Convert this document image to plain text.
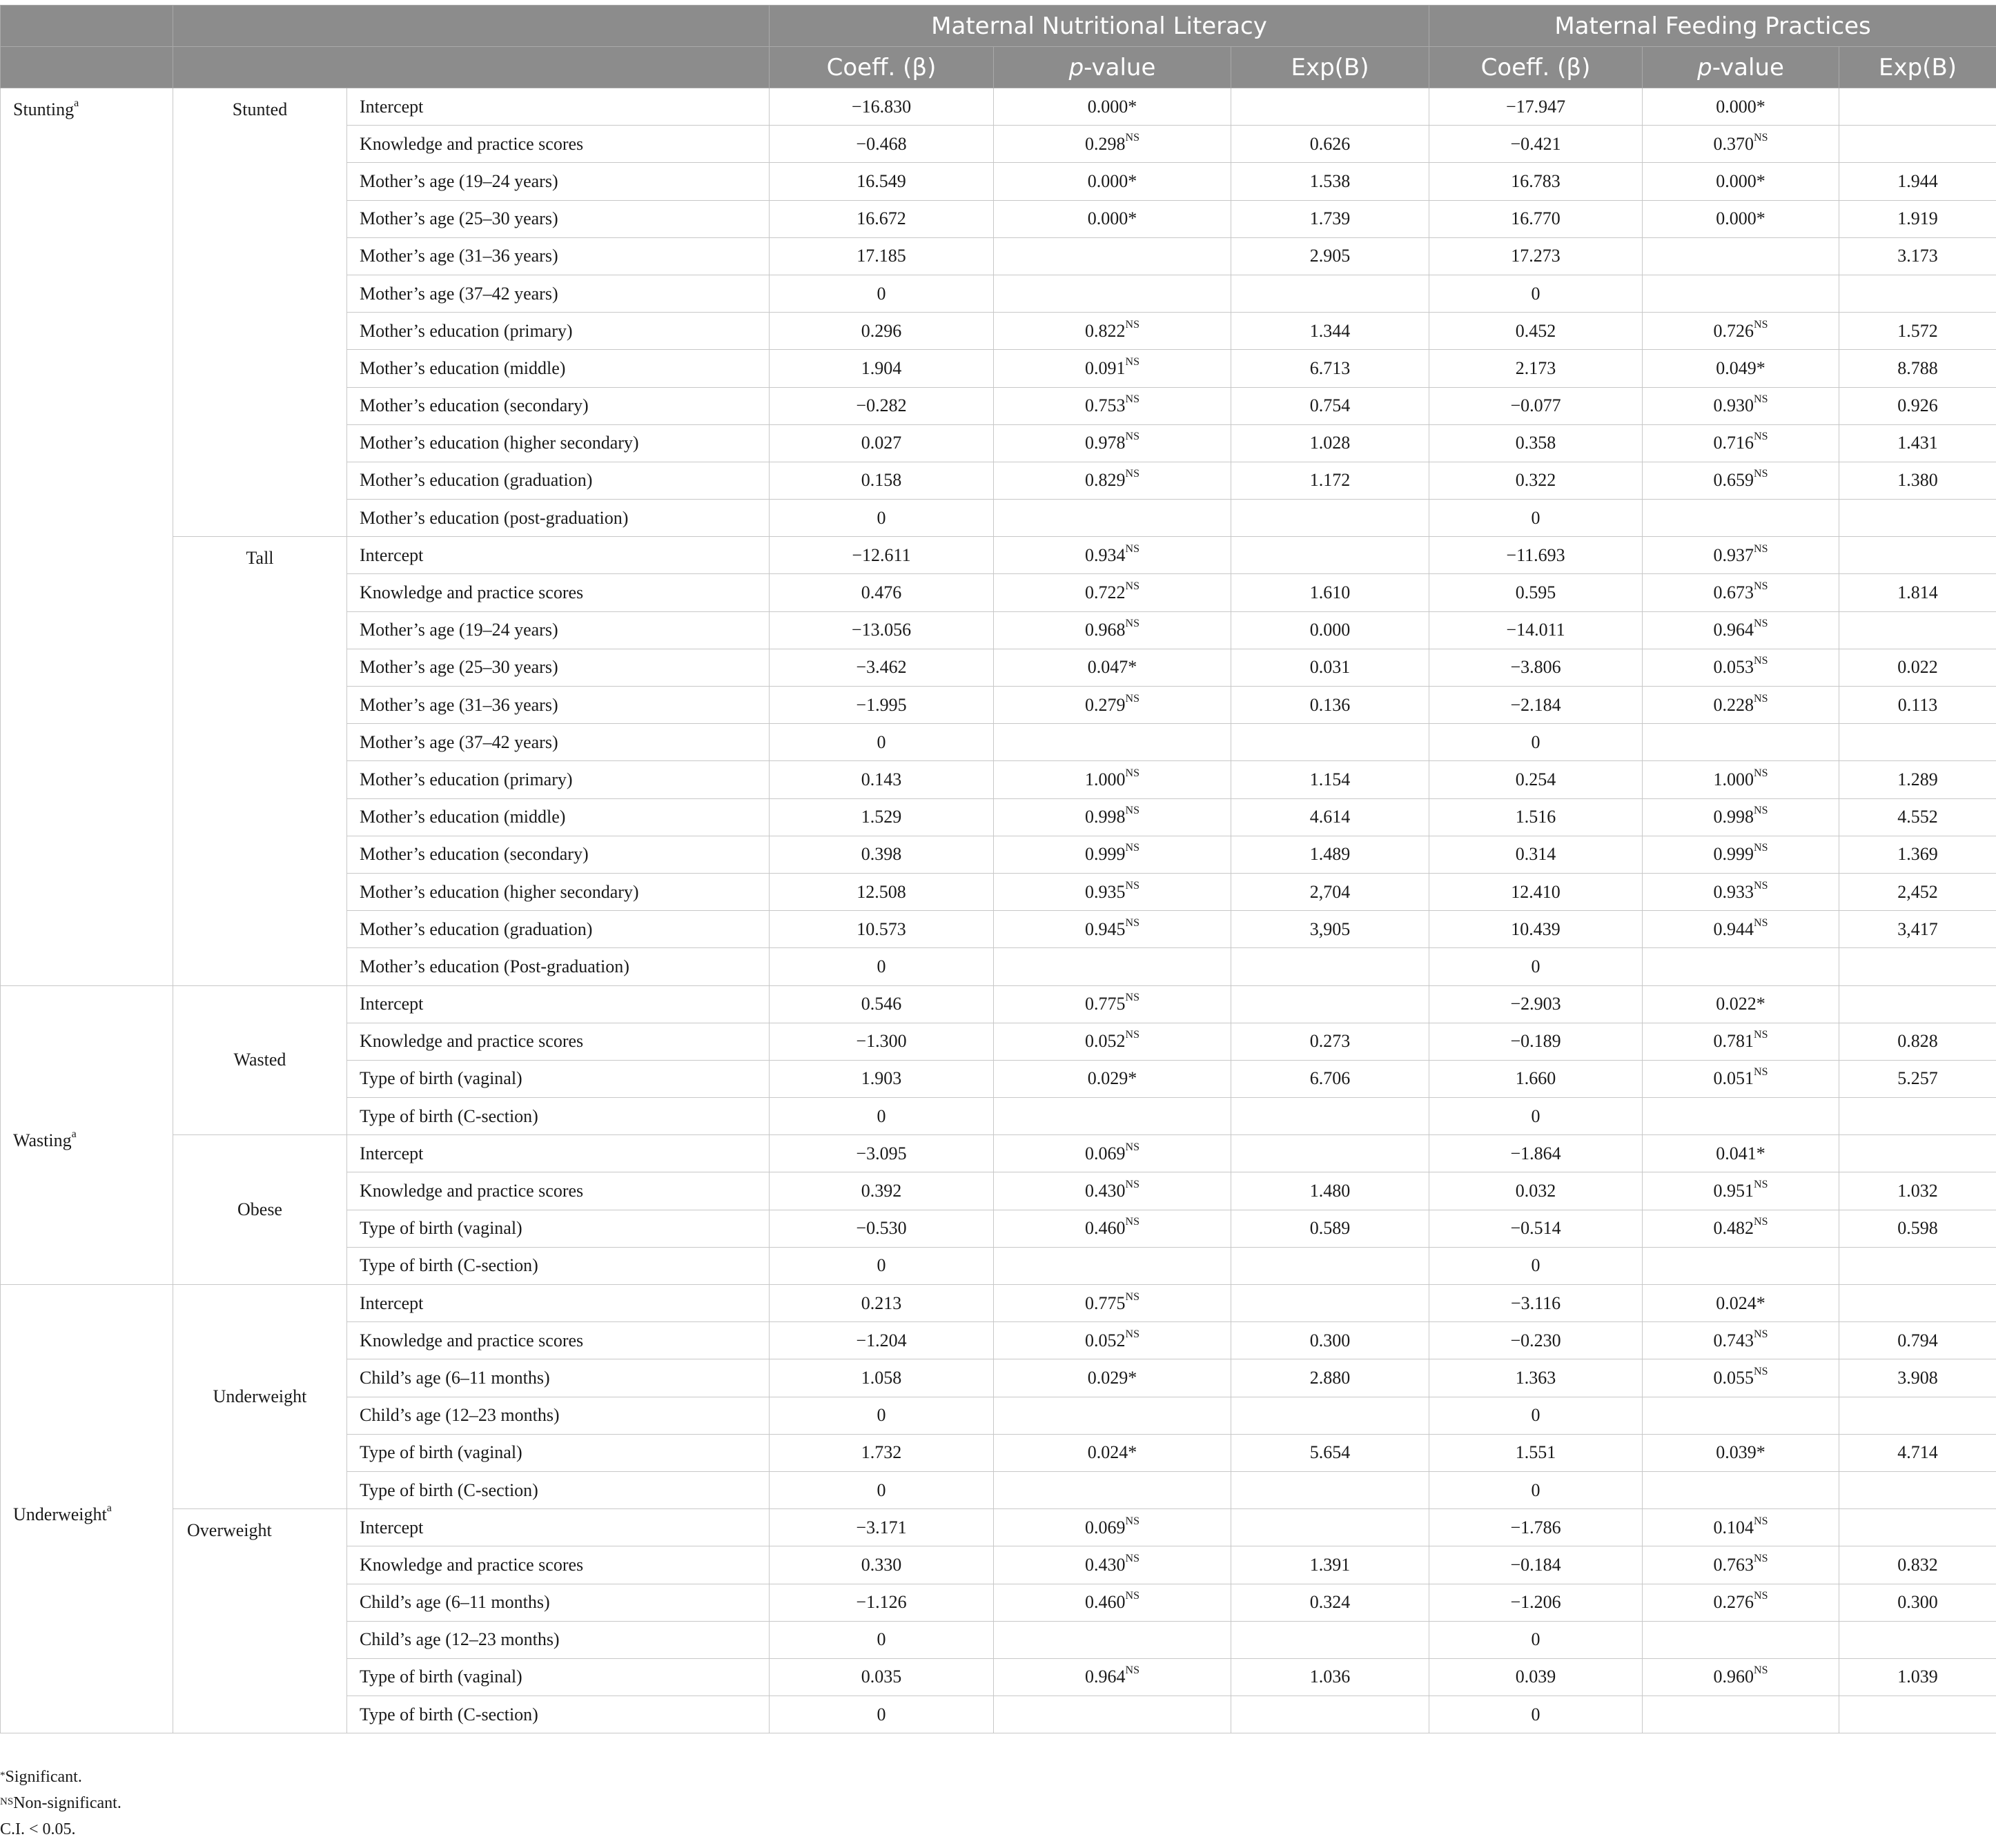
			Maternal Nutritional Literacy			Maternal Feeding Practices		
			Coeff. (β)	p-value	Exp(B)	Coeff. (β)	p-value	Exp(B)
Stunting$^a$	Stunted	Intercept	−16.830	0.000*		−17.947	0.000*	
		Knowledge and practice scores	−0.468	$0.298^{NS}$	0.626	−0.421	$0.370^{NS}$	
		Mother’s age (19–24 years)	16.549	0.000*	1.538	16.783	0.000*	1.944
		Mother’s age (25–30 years)	16.672	0.000*	1.739	16.770	0.000*	1.919
		Mother’s age (31–36 years)	17.185		2.905	17.273		3.173
		Mother’s age (37–42 years)	0			0		
		Mother’s education (primary)	0.296	$0.822^{NS}$	1.344	0.452	$0.726^{NS}$	1.572
		Mother’s education (middle)	1.904	$0.091^{NS}$	6.713	2.173	0.049*	8.788
		Mother’s education (secondary)	−0.282	$0.753^{NS}$	0.754	−0.077	$0.930^{NS}$	0.926
		Mother’s education (higher secondary)	0.027	$0.978^{NS}$	1.028	0.358	$0.716^{NS}$	1.431
		Mother’s education (graduation)	0.158	$0.829^{NS}$	1.172	0.322	$0.659^{NS}$	1.380
		Mother’s education (post-graduation)	0			0		
	Tall	Intercept	−12.611	$0.934^{NS}$		−11.693	$0.937^{NS}$	
		Knowledge and practice scores	0.476	$0.722^{NS}$	1.610	0.595	$0.673^{NS}$	1.814
		Mother’s age (19–24 years)	−13.056	$0.968^{NS}$	0.000	−14.011	$0.964^{NS}$	
		Mother’s age (25–30 years)	−3.462	0.047*	0.031	−3.806	$0.053^{NS}$	0.022
		Mother’s age (31–36 years)	−1.995	$0.279^{NS}$	0.136	−2.184	$0.228^{NS}$	0.113
		Mother’s age (37–42 years)	0			0		
		Mother’s education (primary)	0.143	$1.000^{NS}$	1.154	0.254	$1.000^{NS}$	1.289
		Mother’s education (middle)	1.529	$0.998^{NS}$	4.614	1.516	$0.998^{NS}$	4.552
		Mother’s education (secondary)	0.398	$0.999^{NS}$	1.489	0.314	$0.999^{NS}$	1.369
		Mother’s education (higher secondary)	12.508	$0.935^{NS}$	2,704	12.410	$0.933^{NS}$	2,452
		Mother’s education (graduation)	10.573	$0.945^{NS}$	3,905	10.439	$0.944^{NS}$	3,417
		Mother’s education (Post-graduation)	0			0		
Wasting$^a$	Wasted	Intercept	0.546	$0.775^{NS}$		−2.903	0.022*	
		Knowledge and practice scores	−1.300	$0.052^{NS}$	0.273	−0.189	$0.781^{NS}$	0.828
		Type of birth (vaginal)	1.903	0.029*	6.706	1.660	$0.051^{NS}$	5.257
		Type of birth (C-section)	0			0		
	Obese	Intercept	−3.095	$0.069^{NS}$		−1.864	0.041*	
		Knowledge and practice scores	0.392	$0.430^{NS}$	1.480	0.032	$0.951^{NS}$	1.032
		Type of birth (vaginal)	−0.530	$0.460^{NS}$	0.589	−0.514	$0.482^{NS}$	0.598
		Type of birth (C-section)	0			0		
Underweight$^a$	Underweight	Intercept	0.213	$0.775^{NS}$		−3.116	0.024*	
		Knowledge and practice scores	−1.204	$0.052^{NS}$	0.300	−0.230	$0.743^{NS}$	0.794
		Child’s age (6–11 months)	1.058	0.029*	2.880	1.363	$0.055^{NS}$	3.908
		Child’s age (12–23 months)	0			0		
		Type of birth (vaginal)	1.732	0.024*	5.654	1.551	0.039*	4.714
		Type of birth (C-section)	0			0		
	Overweight	Intercept	−3.171	$0.069^{NS}$		−1.786	$0.104^{NS}$	
		Knowledge and practice scores	0.330	$0.430^{NS}$	1.391	−0.184	$0.763^{NS}$	0.832
		Child’s age (6–11 months)	−1.126	$0.460^{NS}$	0.324	−1.206	$0.276^{NS}$	0.300
		Child’s age (12–23 months)	0			0		
		Type of birth (vaginal)	0.035	$0.964^{NS}$	1.036	0.039	$0.960^{NS}$	1.039
		Type of birth (C-section)	0			0		
*Significant.
$^{NS}$Non-significant.
C.I. < 0.05.
